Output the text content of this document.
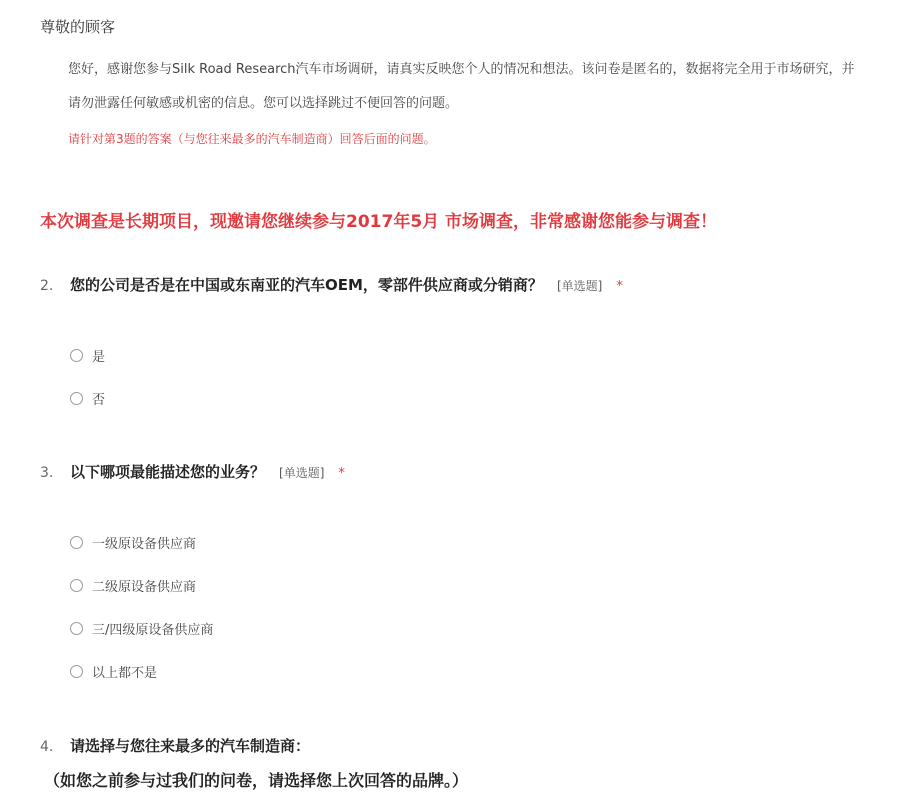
尊敬的顾客
您好，感谢您参与Silk Road Research汽车市场调研，请真实反映您个人的情况和想法。该问卷是匿名的，数据将完全用于市场研究，并
请勿泄露任何敏感或机密的信息。您可以选择跳过不便回答的问题。
请针对第3题的答案（与您往来最多的汽车制造商）回答后面的问题。
本次调查是长期项目，现邀请您继续参与2017年5月 市场调查，非常感谢您能参与调查！
2.	您的公司是否是在中国或东南亚的汽车OEM，零部件供应商或分销商？ [单选题] *
是
否
3.	以下哪项最能描述您的业务？ [单选题] *
一级原设备供应商
二级原设备供应商
三/四级原设备供应商
以上都不是
4.	请选择与您往来最多的汽车制造商：
（如您之前参与过我们的问卷，请选择您上次回答的品牌。）
